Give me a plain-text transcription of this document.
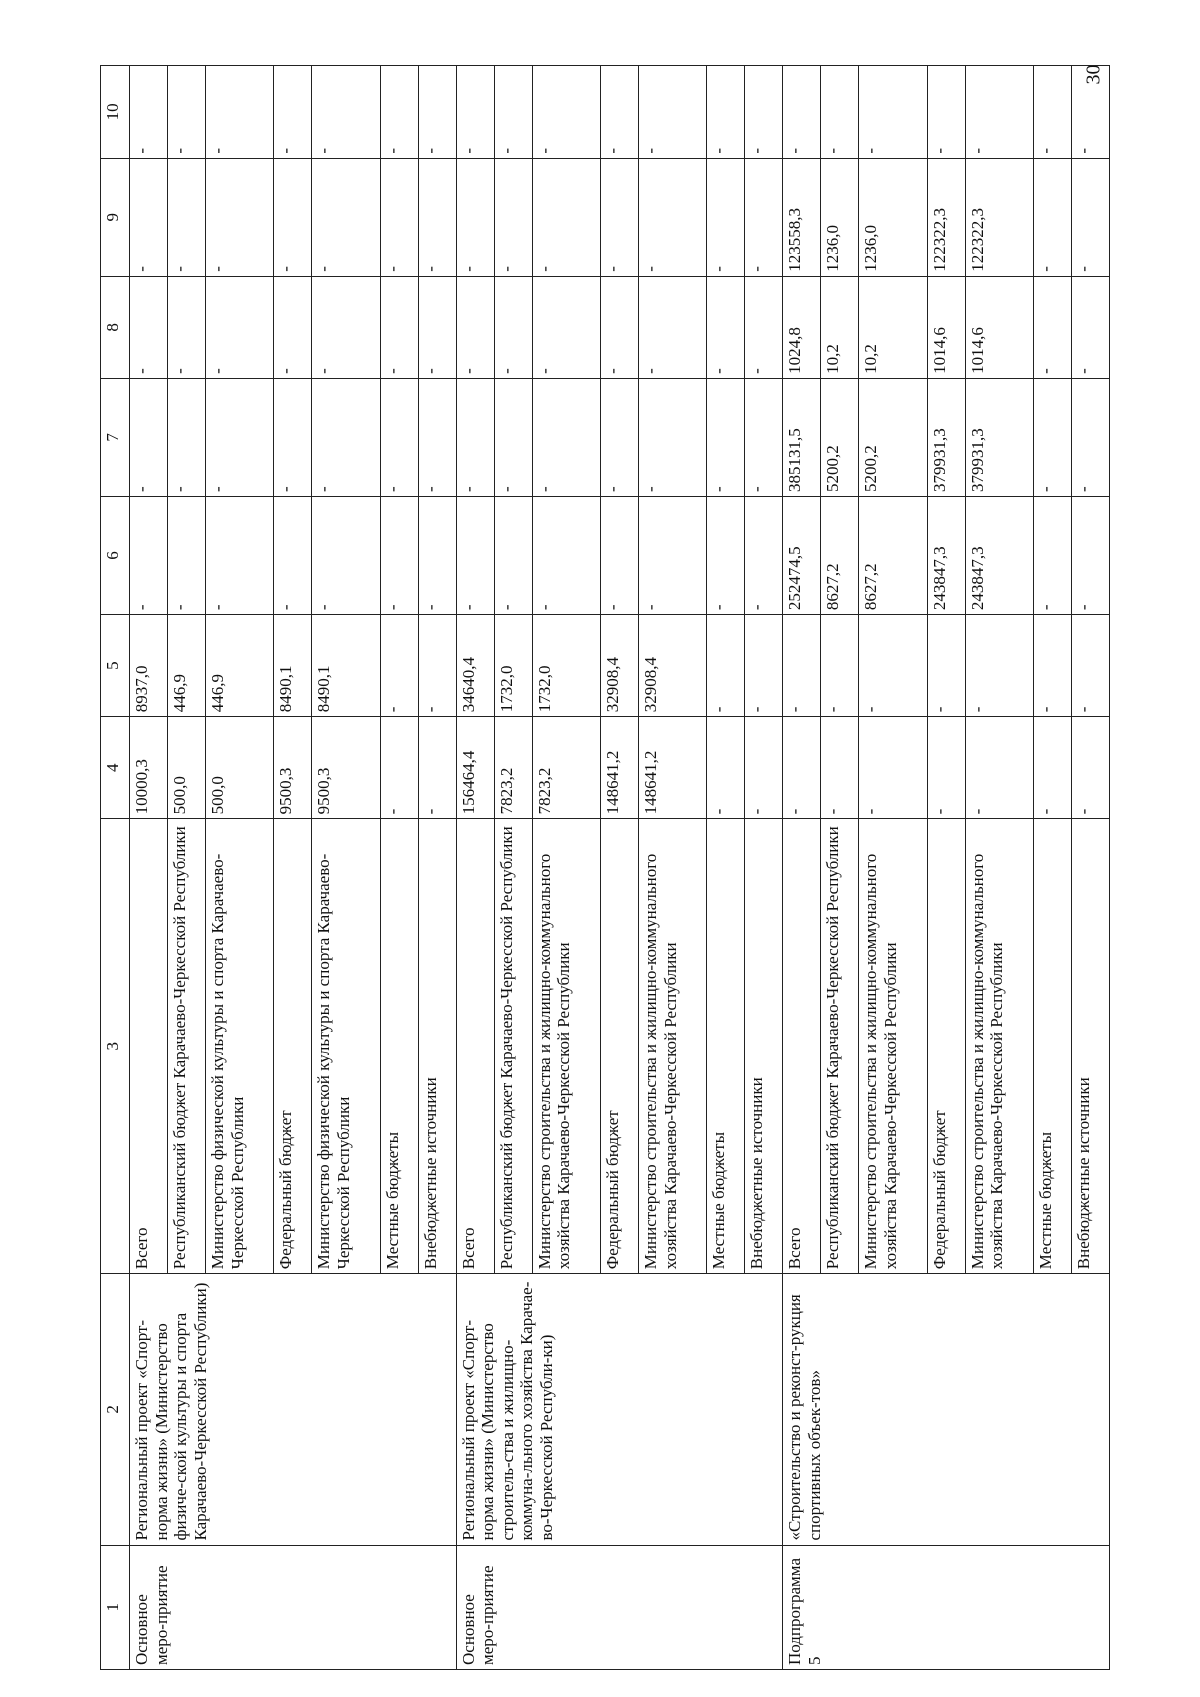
30
1	2	3	4	5	6	7	8	9	10
Основное меро-приятие	Региональный проект «Спорт-норма жизни» (Министерство физиче-ской культуры и спорта Карачаево-Черкесской Республики)	Всего	10000,3	8937,0	-	-	-	-	-
		Республиканский бюджет Карачаево-Черкесской Республики	500,0	446,9	-	-	-	-	-
		Министерство физической культуры и спорта Карачаево-Черкесской Республики	500,0	446,9	-	-	-	-	-
		Федеральный бюджет	9500,3	8490,1	-	-	-	-	-
		Министерство физической культуры и спорта Карачаево-Черкесской Республики	9500,3	8490,1	-	-	-	-	-
		Местные бюджеты	-	-	-	-	-	-	-
		Внебюджетные источники	-	-	-	-	-	-	-
Основное меро-приятие	Региональный проект «Спорт-норма жизни» (Министерство строитель-ства и жилищно-коммуна-льного хозяйства Карачае-во-Черкесской Республи-ки)	Всего	156464,4	34640,4	-	-	-	-	-
		Республиканский бюджет Карачаево-Черкесской Республики	7823,2	1732,0	-	-	-	-	-
		Министерство строительства и жилищно-коммунального хозяйства Карачаево-Черкесской Республики	7823,2	1732,0	-	-	-	-	-
		Федеральный бюджет	148641,2	32908,4	-	-	-	-	-
		Министерство строительства и жилищно-коммунального хозяйства Карачаево-Черкесской Республики	148641,2	32908,4	-	-	-	-	-
		Местные бюджеты	-	-	-	-	-	-	-
		Внебюджетные источники	-	-	-	-	-	-	-
Подпрограмма 5	«Строительство и реконст-рукция спортивных объек-тов»	Всего	-	-	252474,5	385131,5	1024,8	123558,3	-
		Республиканский бюджет Карачаево-Черкесской Республики	-	-	8627,2	5200,2	10,2	1236,0	-
		Министерство строительства и жилищно-коммунального хозяйства Карачаево-Черкесской Республики	-	-	8627,2	5200,2	10,2	1236,0	-
		Федеральный бюджет	-	-	243847,3	379931,3	1014,6	122322,3	-
		Министерство строительства и жилищно-коммунального хозяйства Карачаево-Черкесской Республики	-	-	243847,3	379931,3	1014,6	122322,3	-
		Местные бюджеты	-	-	-	-	-	-	-
		Внебюджетные источники	-	-	-	-	-	-	-
